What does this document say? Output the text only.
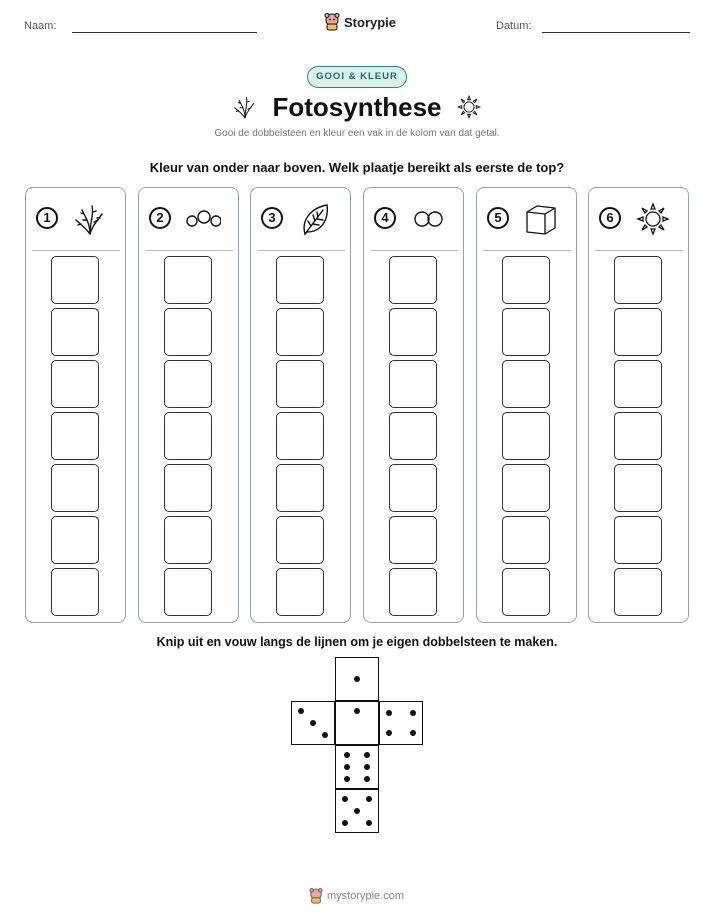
Naam:	Storypie	Datum:
GOOI & KLEUR
Fotosynthese
Gooi de dobbelsteen en kleur een vak in de kolom van dat getal.
Kleur van onder naar boven. Welk plaatje bereikt als eerste de top?
1	2	3	4	5	6
Knip uit en vouw langs de lijnen om je eigen dobbelsteen te maken.
mystorypie.com
